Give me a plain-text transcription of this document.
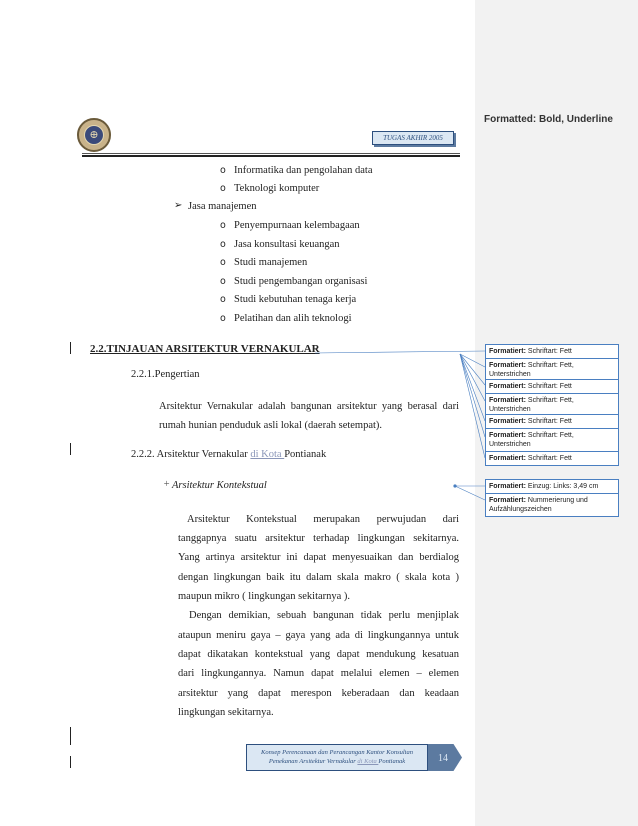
Formatted: Bold, Underline
⊕	TUGAS AKHIR 2005
o Informatika dan pengolahan data
o Teknologi komputer
➢ Jasa manajemen
o Penyempurnaan kelembagaan
o Jasa konsultasi keuangan
o Studi manajemen
o Studi pengembangan organisasi
o Studi kebutuhan tenaga kerja
o Pelatihan dan alih teknologi
2.2.TINJAUAN ARSITEKTUR VERNAKULAR
2.2.1.Pengertian
Arsitektur Vernakular adalah bangunan arsitektur yang berasal dari
rumah hunian penduduk asli lokal (daerah setempat).
2.2.2. Arsitektur Vernakular di Kota Pontianak
+ Arsitektur Kontekstual
Arsitektur Kontekstual merupakan perwujudan dari
tanggapnya suatu arsitektur terhadap lingkungan sekitarnya.
Yang artinya arsitektur ini dapat menyesuaikan dan berdialog
dengan lingkungan baik itu dalam skala makro ( skala kota )
maupun mikro ( lingkungan sekitarnya ).
Dengan demikian, sebuah bangunan tidak perlu menjiplak
ataupun meniru gaya – gaya yang ada di lingkungannya untuk
dapat dikatakan kontekstual yang dapat mendukung kesatuan
dari lingkungannya. Namun dapat melalui elemen – elemen
arsitektur yang dapat merespon keberadaan dan keadaan
lingkungan sekitarnya.
Formatiert: Schriftart: Fett
Formatiert: Schriftart: Fett, Unterstrichen
Formatiert: Schriftart: Fett
Formatiert: Schriftart: Fett, Unterstrichen
Formatiert: Schriftart: Fett
Formatiert: Schriftart: Fett, Unterstrichen
Formatiert: Schriftart: Fett
Formatiert: Einzug: Links: 3,49 cm
Formatiert: Nummerierung und Aufzählungszeichen
Konsep Perencanaan dan Perancangan Kantor Konsultan
Penekanan Arsitektur Vernakular di Kota Pontianak	14
